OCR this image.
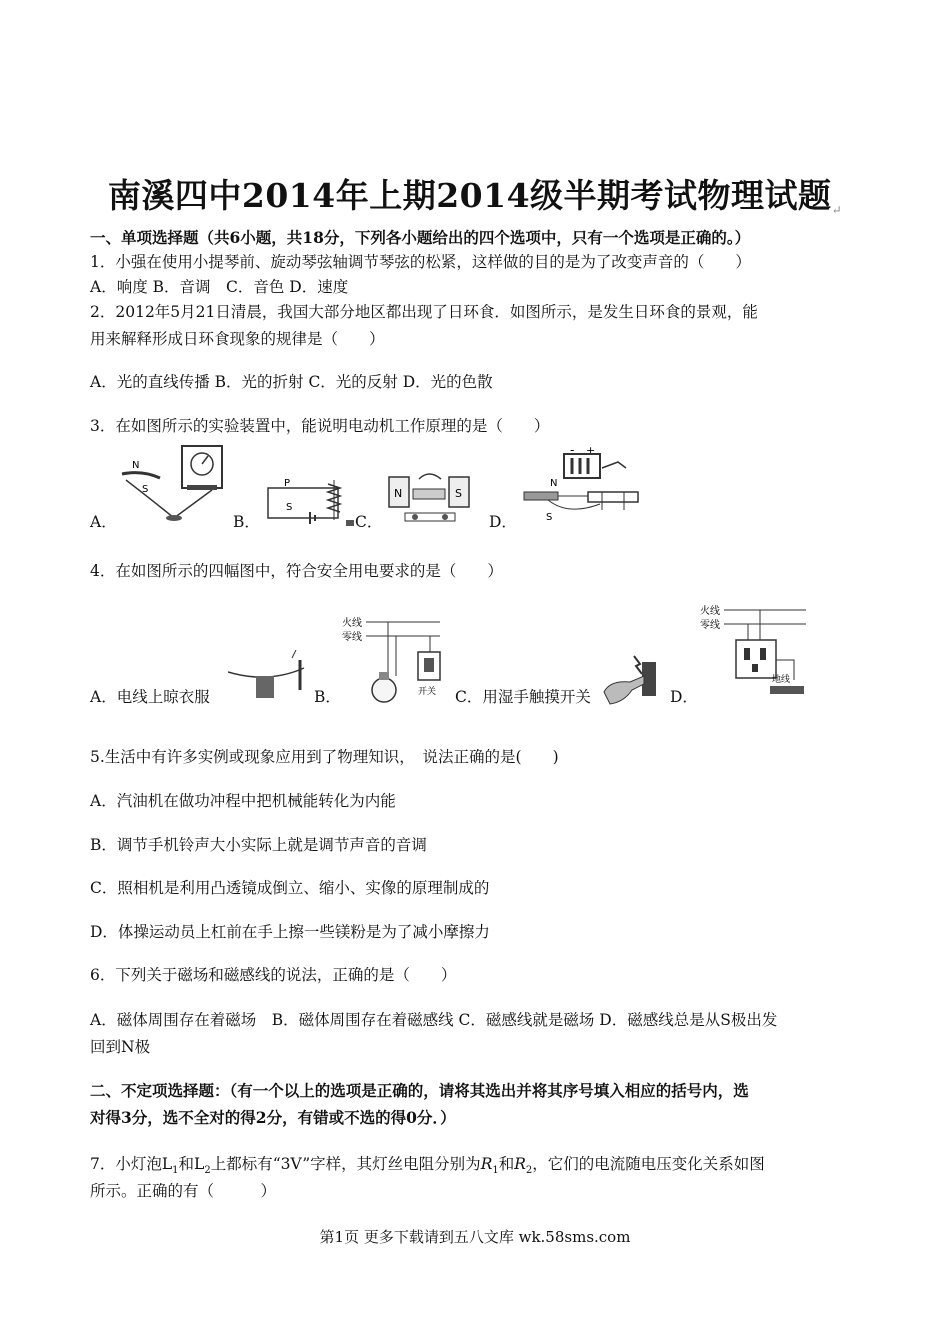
南溪四中2014年上期2014级半期考试物理试题↵
一、单项选择题（共6小题，共18分，下列各小题给出的四个选项中，只有一个选项是正确的。）
1．小强在使用小提琴前、旋动琴弦轴调节琴弦的松紧，这样做的目的是为了改变声音的（　　）
A．响度 B．音调　C．音色 D．速度
2．2012年5月21日清晨，我国大部分地区都出现了日环食．如图所示，是发生日环食的景观，能
用来解释形成日环食现象的规律是（　　）
A．光的直线传播 B．光的折射 C．光的反射 D．光的色散
3．在如图所示的实验装置中，能说明电动机工作原理的是（　　）
A．
N
S
B．
P
S
C．
N	S
D．
- +
N
S
4．在如图所示的四幅图中，符合安全用电要求的是（　　）
A．电线上晾衣服	B．
火线
零线
开关 C．用湿手触摸开关	D．
火线
零线
地线
5.生活中有许多实例或现象应用到了物理知识，　说法正确的是(　　)
A．汽油机在做功冲程中把机械能转化为内能
B．调节手机铃声大小实际上就是调节声音的音调
C．照相机是利用凸透镜成倒立、缩小、实像的原理制成的
D．体操运动员上杠前在手上擦一些镁粉是为了减小摩擦力
6．下列关于磁场和磁感线的说法，正确的是（　　）
A．磁体周围存在着磁场　B．磁体周围存在着磁感线 C．磁感线就是磁场 D．磁感线总是从S极出发
回到N极
二、不定项选择题：（有一个以上的选项是正确的，请将其选出并将其序号填入相应的括号内，选
对得3分，选不全对的得2分，有错或不选的得0分．）
7．小灯泡$L_1$和$L_2$上都标有“3V”字样，其灯丝电阻分别为$R_1$和$R_2$，它们的电流随电压变化关系如图
所示。正确的有（　　　）
第1页 更多下载请到五八文库 wk.58sms.com
